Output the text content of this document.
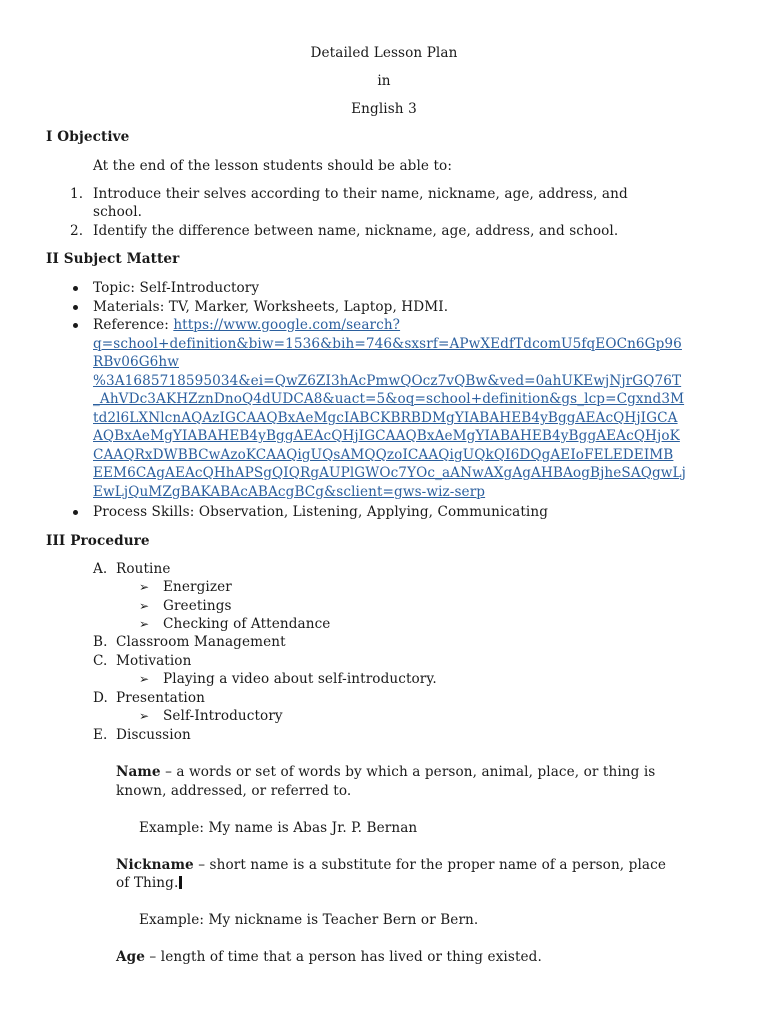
Detailed Lesson Plan
in
English 3
I Objective
At the end of the lesson students should be able to:
1. Introduce their selves according to their name, nickname, age, address, and
school.
2. Identify the difference between name, nickname, age, address, and school.
II Subject Matter
Topic: Self-Introductory
Materials: TV, Marker, Worksheets, Laptop, HDMI.
Reference: https://www.google.com/search?
q=school+definition&biw=1536&bih=746&sxsrf=APwXEdfTdcomU5fqEOCn6Gp96
RBv06G6hw
%3A1685718595034&ei=QwZ6ZI3hAcPmwQOcz7vQBw&ved=0ahUKEwjNjrGQ76T
_AhVDc3AKHZznDnoQ4dUDCA8&uact=5&oq=school+definition&gs_lcp=Cgxnd3M
td2l6LXNlcnAQAzIGCAAQBxAeMgcIABCKBRBDMgYIABAHEB4yBggAEAcQHjIGCA
AQBxAeMgYIABAHEB4yBggAEAcQHjIGCAAQBxAeMgYIABAHEB4yBggAEAcQHjoK
CAAQRxDWBBCwAzoKCAAQigUQsAMQQzoICAAQigUQkQI6DQgAEIoFELEDEIMB
EEM6CAgAEAcQHhAPSgQIQRgAUPlGWOc7YOc_aANwAXgAgAHBAogBjheSAQgwLj
EwLjQuMZgBAKABAcABAcgBCg&sclient=gws-wiz-serp
Process Skills: Observation, Listening, Applying, Communicating
III Procedure
A. Routine
➢ Energizer
➢ Greetings
➢ Checking of Attendance
B. Classroom Management
C. Motivation
➢ Playing a video about self-introductory.
D. Presentation
➢ Self-Introductory
E. Discussion
Name – a words or set of words by which a person, animal, place, or thing is
known, addressed, or referred to.
Example: My name is Abas Jr. P. Bernan
Nickname – short name is a substitute for the proper name of a person, place
of Thing.
Example: My nickname is Teacher Bern or Bern.
Age – length of time that a person has lived or thing existed.
